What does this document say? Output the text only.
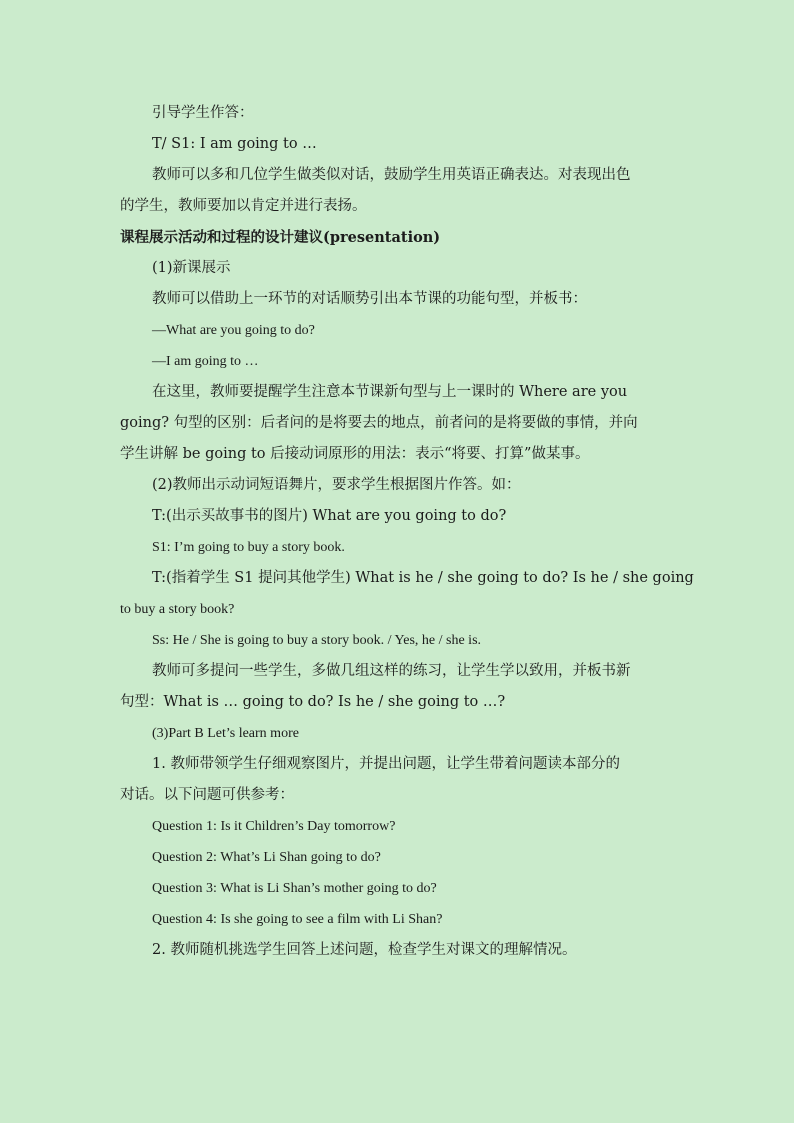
引导学生作答：

T/ S1: I am going to …

教师可以多和几位学生做类似对话，鼓励学生用英语正确表达。对表现出色

的学生，教师要加以肯定并进行表扬。

课程展示活动和过程的设计建议(presentation)

(1)新课展示

教师可以借助上一环节的对话顺势引出本节课的功能句型，并板书：

—What are you going to do?

—I am going to …

在这里，教师要提醒学生注意本节课新句型与上一课时的 Where are you

going? 句型的区别：后者问的是将要去的地点，前者问的是将要做的事情，并向

学生讲解 be going to 后接动词原形的用法：表示“将要、打算”做某事。

(2)教师出示动词短语舞片，要求学生根据图片作答。如：

T:(出示买故事书的图片) What are you going to do?

S1: I’m going to buy a story book.

T:(指着学生 S1 提问其他学生) What is he / she going to do? Is he / she going

to buy a story book?

Ss: He / She is going to buy a story book. / Yes, he / she is.

教师可多提问一些学生，多做几组这样的练习，让学生学以致用，并板书新

句型：What is … going to do? Is he / she going to …?

(3)Part B Let’s learn more

1. 教师带领学生仔细观察图片，并提出问题，让学生带着问题读本部分的

对话。以下问题可供参考：

Question 1: Is it Children’s Day tomorrow?

Question 2: What’s Li Shan going to do?

Question 3: What is Li Shan’s mother going to do?

Question 4: Is she going to see a film with Li Shan?

2. 教师随机挑选学生回答上述问题，检查学生对课文的理解情况。
